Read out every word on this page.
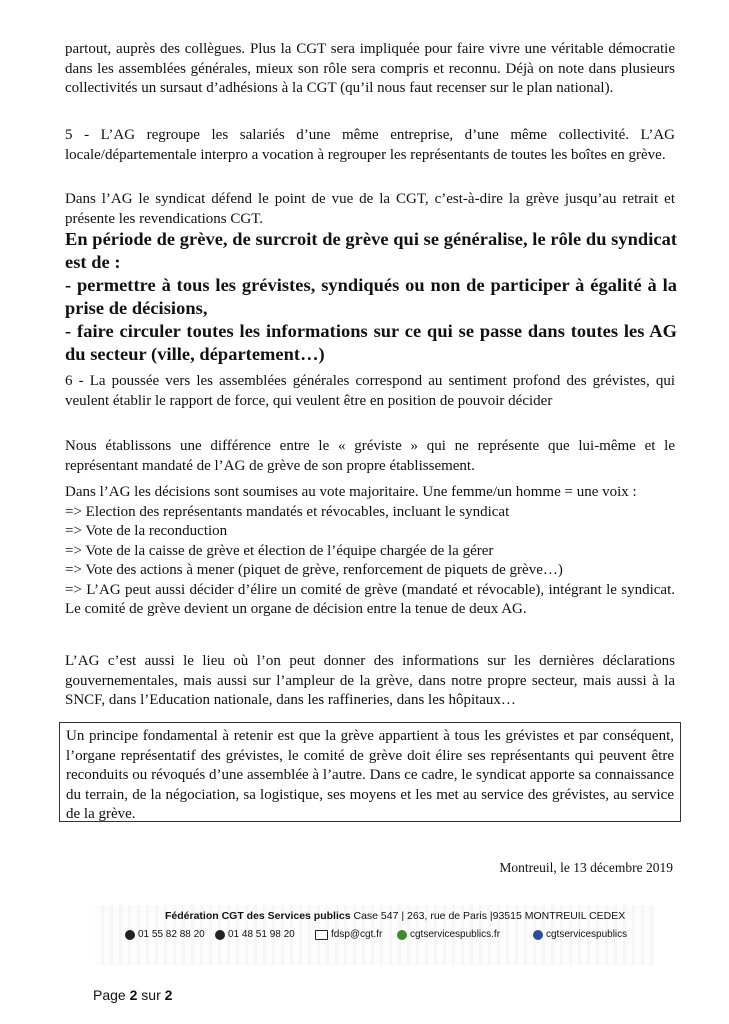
partout, auprès des collègues. Plus la CGT sera impliquée pour faire vivre une véritable démocratie dans les assemblées générales, mieux son rôle sera compris et reconnu. Déjà on note dans plusieurs collectivités un sursaut d’adhésions à la CGT (qu’il nous faut recenser sur le plan national).

5 - L’AG regroupe les salariés d’une même entreprise, d’une même collectivité. L’AG locale/départementale interpro a vocation à regrouper les représentants de toutes les boîtes en grève.

Dans l’AG le syndicat défend le point de vue de la CGT, c’est-à-dire la grève jusqu’au retrait et présente les revendications CGT.

En période de grève, de surcroit de grève qui se généralise, le rôle du syndicat est de :

- permettre à tous les grévistes, syndiqués ou non de participer à égalité à la prise de décisions,

- faire circuler toutes les informations sur ce qui se passe dans toutes les AG du secteur (ville, département…)

6 - La poussée vers les assemblées générales correspond au sentiment profond des grévistes, qui veulent établir le rapport de force, qui veulent être en position de pouvoir décider

Nous établissons une différence entre le « gréviste » qui ne représente que lui-même et le représentant mandaté de l’AG de grève de son propre établissement.

Dans l’AG les décisions sont soumises au vote majoritaire. Une femme/un homme = une voix :

=> Election des représentants mandatés et révocables, incluant le syndicat

=> Vote de la reconduction

=> Vote de la caisse de grève et élection de l’équipe chargée de la gérer

=> Vote des actions à mener (piquet de grève, renforcement de piquets de grève…)

=> L’AG peut aussi décider d’élire un comité de grève (mandaté et révocable), intégrant le syndicat. Le comité de grève devient un organe de décision entre la tenue de deux AG.

L’AG c’est aussi le lieu où l’on peut donner des informations sur les dernières déclarations gouvernementales, mais aussi sur l’ampleur de la grève, dans notre propre secteur, mais aussi à la SNCF, dans l’Education nationale, dans les raffineries, dans les hôpitaux…

Un principe fondamental à retenir est que la grève appartient à tous les grévistes et par conséquent, l’organe représentatif des grévistes, le comité de grève doit élire ses représentants qui peuvent être reconduits ou révoqués d’une assemblée à l’autre. Dans ce cadre, le syndicat apporte sa connaissance du terrain, de la négociation, sa logistique, ses moyens et les met au service des grévistes, au service de la grève.

Montreuil, le 13 décembre 2019
Fédération CGT des Services publics Case 547 | 263, rue de Paris |93515 MONTREUIL CEDEX
01 55 82 88 20 01 48 51 98 20	fdsp@cgt.fr	cgtservicespublics.fr	cgtservicespublics
Page 2 sur 2
